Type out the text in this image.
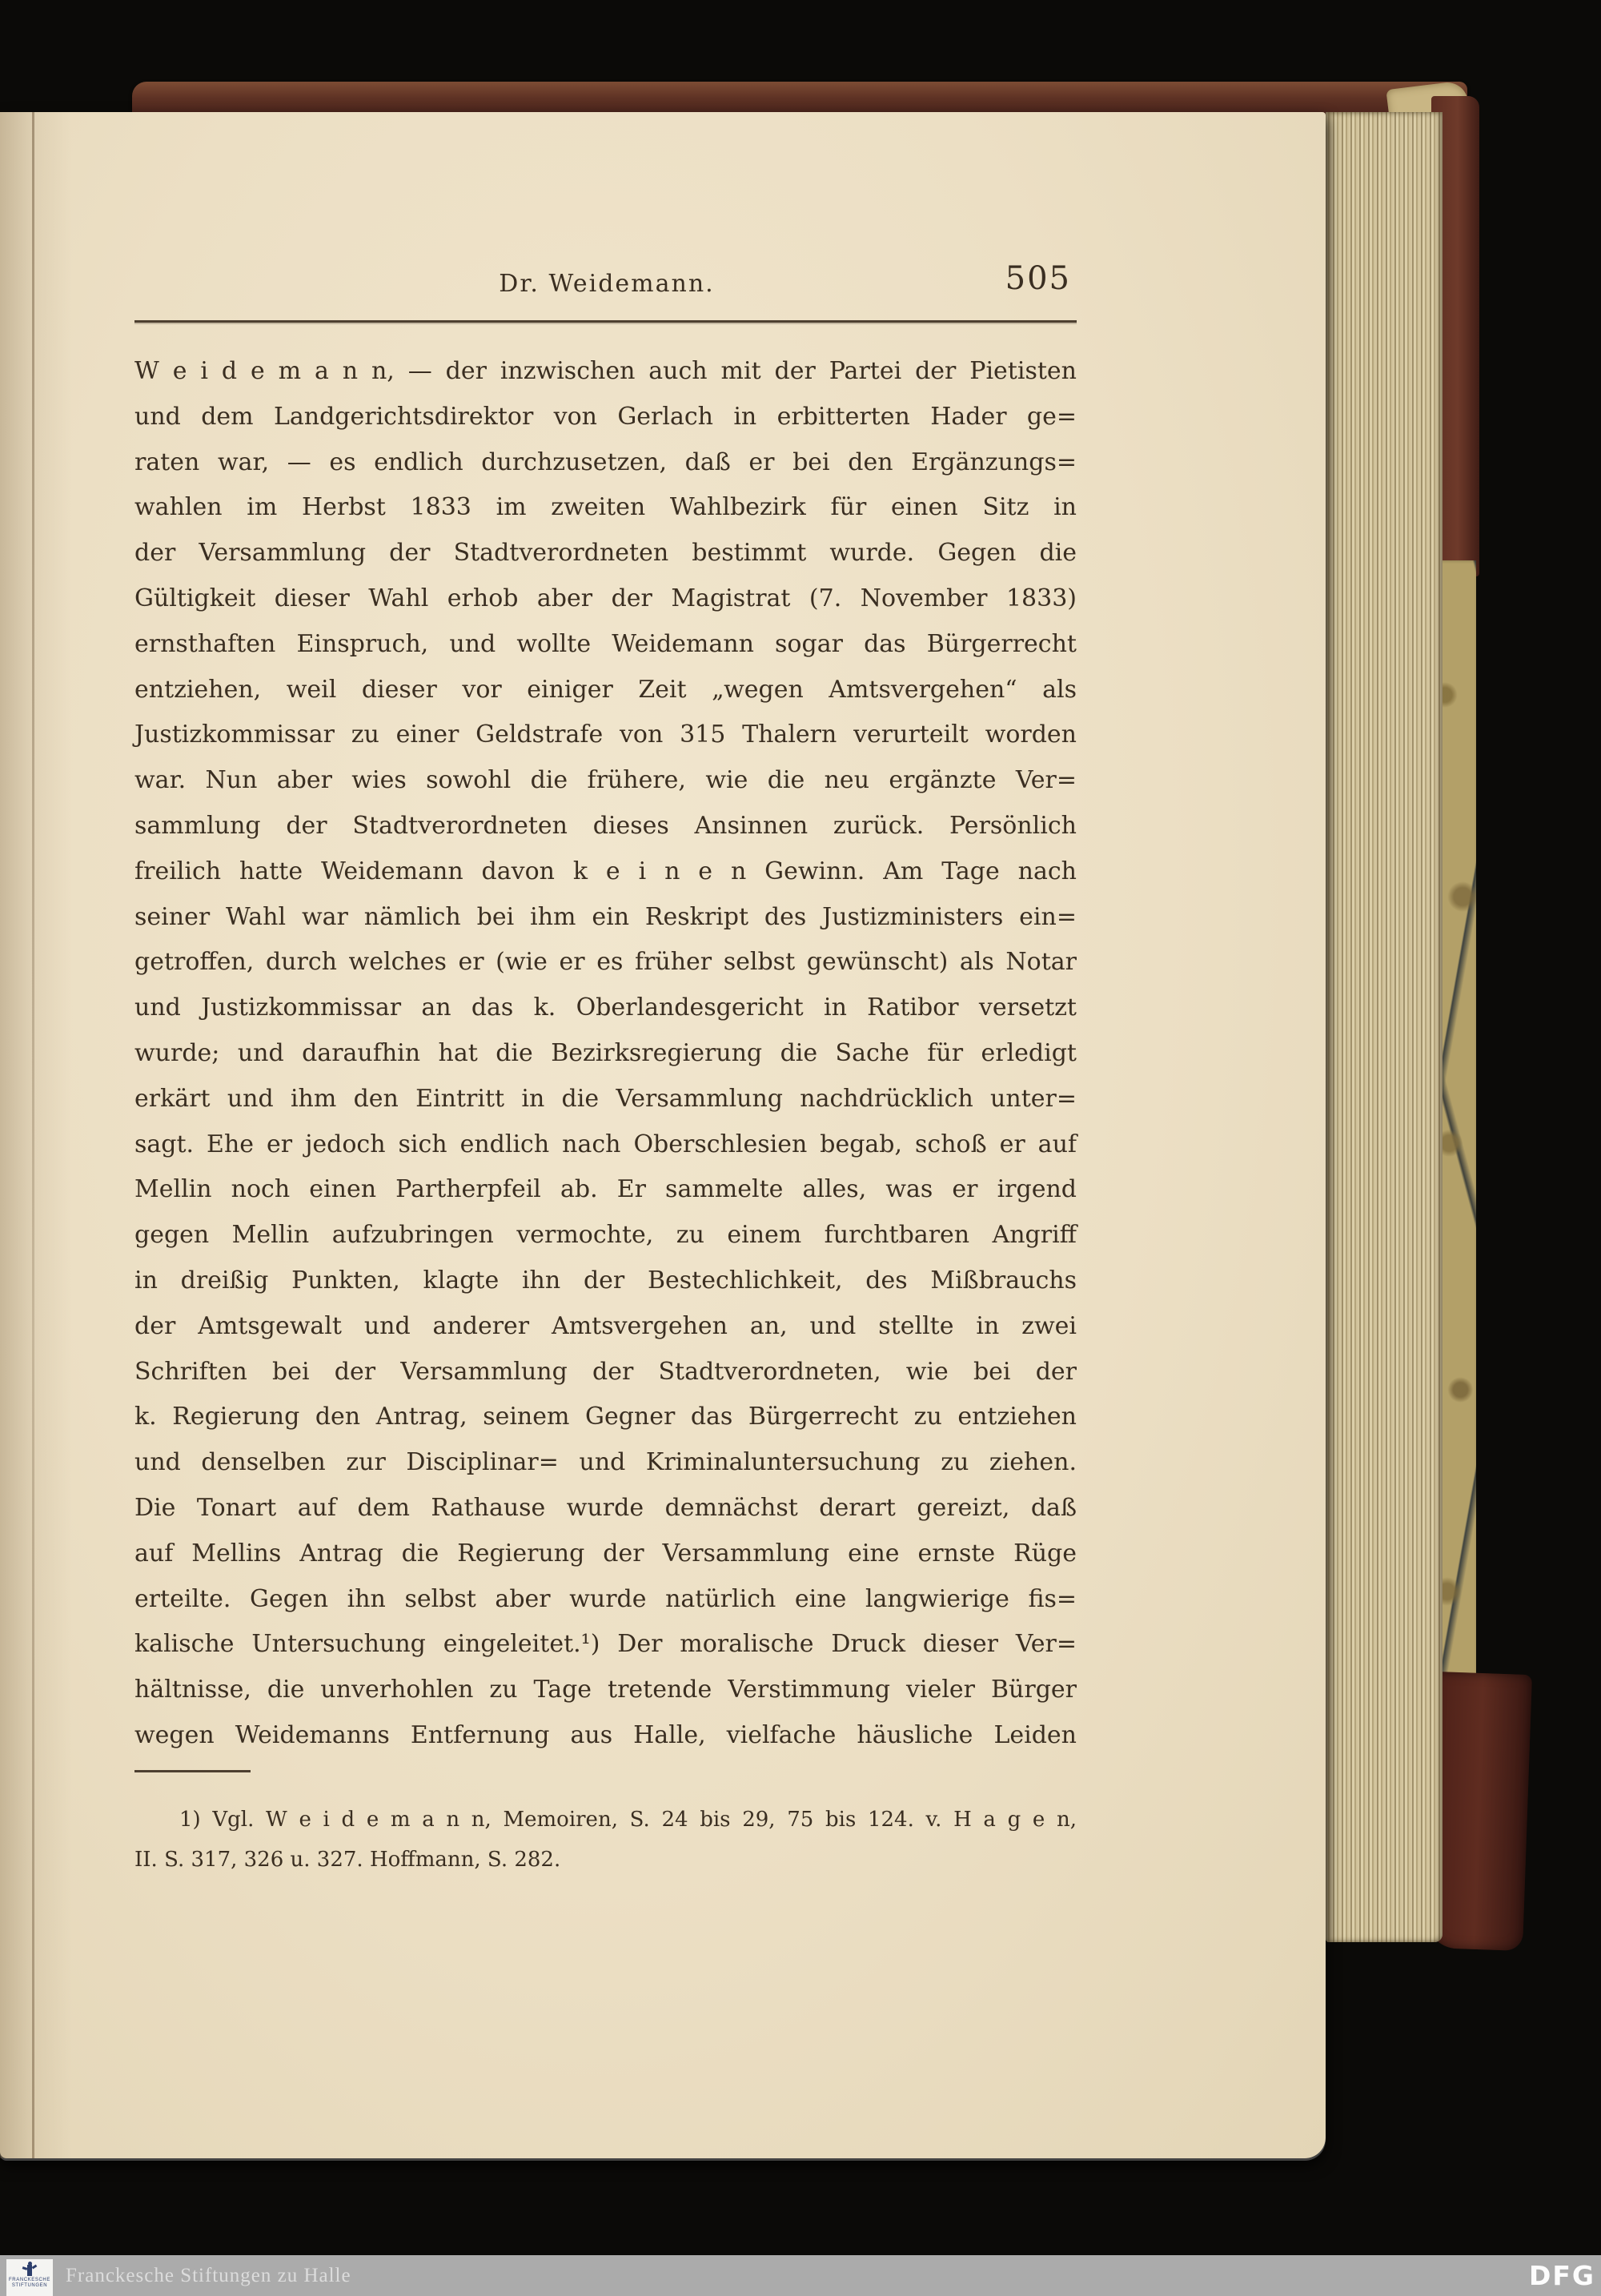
Dr. Weidemann.	505
W e i d e m a n n, — der inzwischen auch mit der Partei der Pietisten
und dem Landgerichtsdirektor von Gerlach in erbitterten Hader ge=
raten war, — es endlich durchzusetzen, daß er bei den Ergänzungs=
wahlen im Herbst 1833 im zweiten Wahlbezirk für einen Sitz in
der Versammlung der Stadtverordneten bestimmt wurde. Gegen die
Gültigkeit dieser Wahl erhob aber der Magistrat (7. November 1833)
ernsthaften Einspruch, und wollte Weidemann sogar das Bürgerrecht
entziehen, weil dieser vor einiger Zeit „wegen Amtsvergehen“ als
Justizkommissar zu einer Geldstrafe von 315 Thalern verurteilt worden
war. Nun aber wies sowohl die frühere, wie die neu ergänzte Ver=
sammlung der Stadtverordneten dieses Ansinnen zurück. Persönlich
freilich hatte Weidemann davon k e i n e n Gewinn. Am Tage nach
seiner Wahl war nämlich bei ihm ein Reskript des Justizministers ein=
getroffen, durch welches er (wie er es früher selbst gewünscht) als Notar
und Justizkommissar an das k. Oberlandesgericht in Ratibor versetzt
wurde; und daraufhin hat die Bezirksregierung die Sache für erledigt
erkärt und ihm den Eintritt in die Versammlung nachdrücklich unter=
sagt. Ehe er jedoch sich endlich nach Oberschlesien begab, schoß er auf
Mellin noch einen Partherpfeil ab. Er sammelte alles, was er irgend
gegen Mellin aufzubringen vermochte, zu einem furchtbaren Angriff
in dreißig Punkten, klagte ihn der Bestechlichkeit, des Mißbrauchs
der Amtsgewalt und anderer Amtsvergehen an, und stellte in zwei
Schriften bei der Versammlung der Stadtverordneten, wie bei der
k. Regierung den Antrag, seinem Gegner das Bürgerrecht zu entziehen
und denselben zur Disciplinar= und Kriminaluntersuchung zu ziehen.
Die Tonart auf dem Rathause wurde demnächst derart gereizt, daß
auf Mellins Antrag die Regierung der Versammlung eine ernste Rüge
erteilte. Gegen ihn selbst aber wurde natürlich eine langwierige fis=
kalische Untersuchung eingeleitet.¹) Der moralische Druck dieser Ver=
hältnisse, die unverhohlen zu Tage tretende Verstimmung vieler Bürger
wegen Weidemanns Entfernung aus Halle, vielfache häusliche Leiden
1) Vgl. W e i d e m a n n, Memoiren, S. 24 bis 29, 75 bis 124. v. H a g e n,
II. S. 317, 326 u. 327. Hoffmann, S. 282.
FRANCKESCHE
STIFTUNGEN Franckesche Stiftungen zu Halle	DFG
